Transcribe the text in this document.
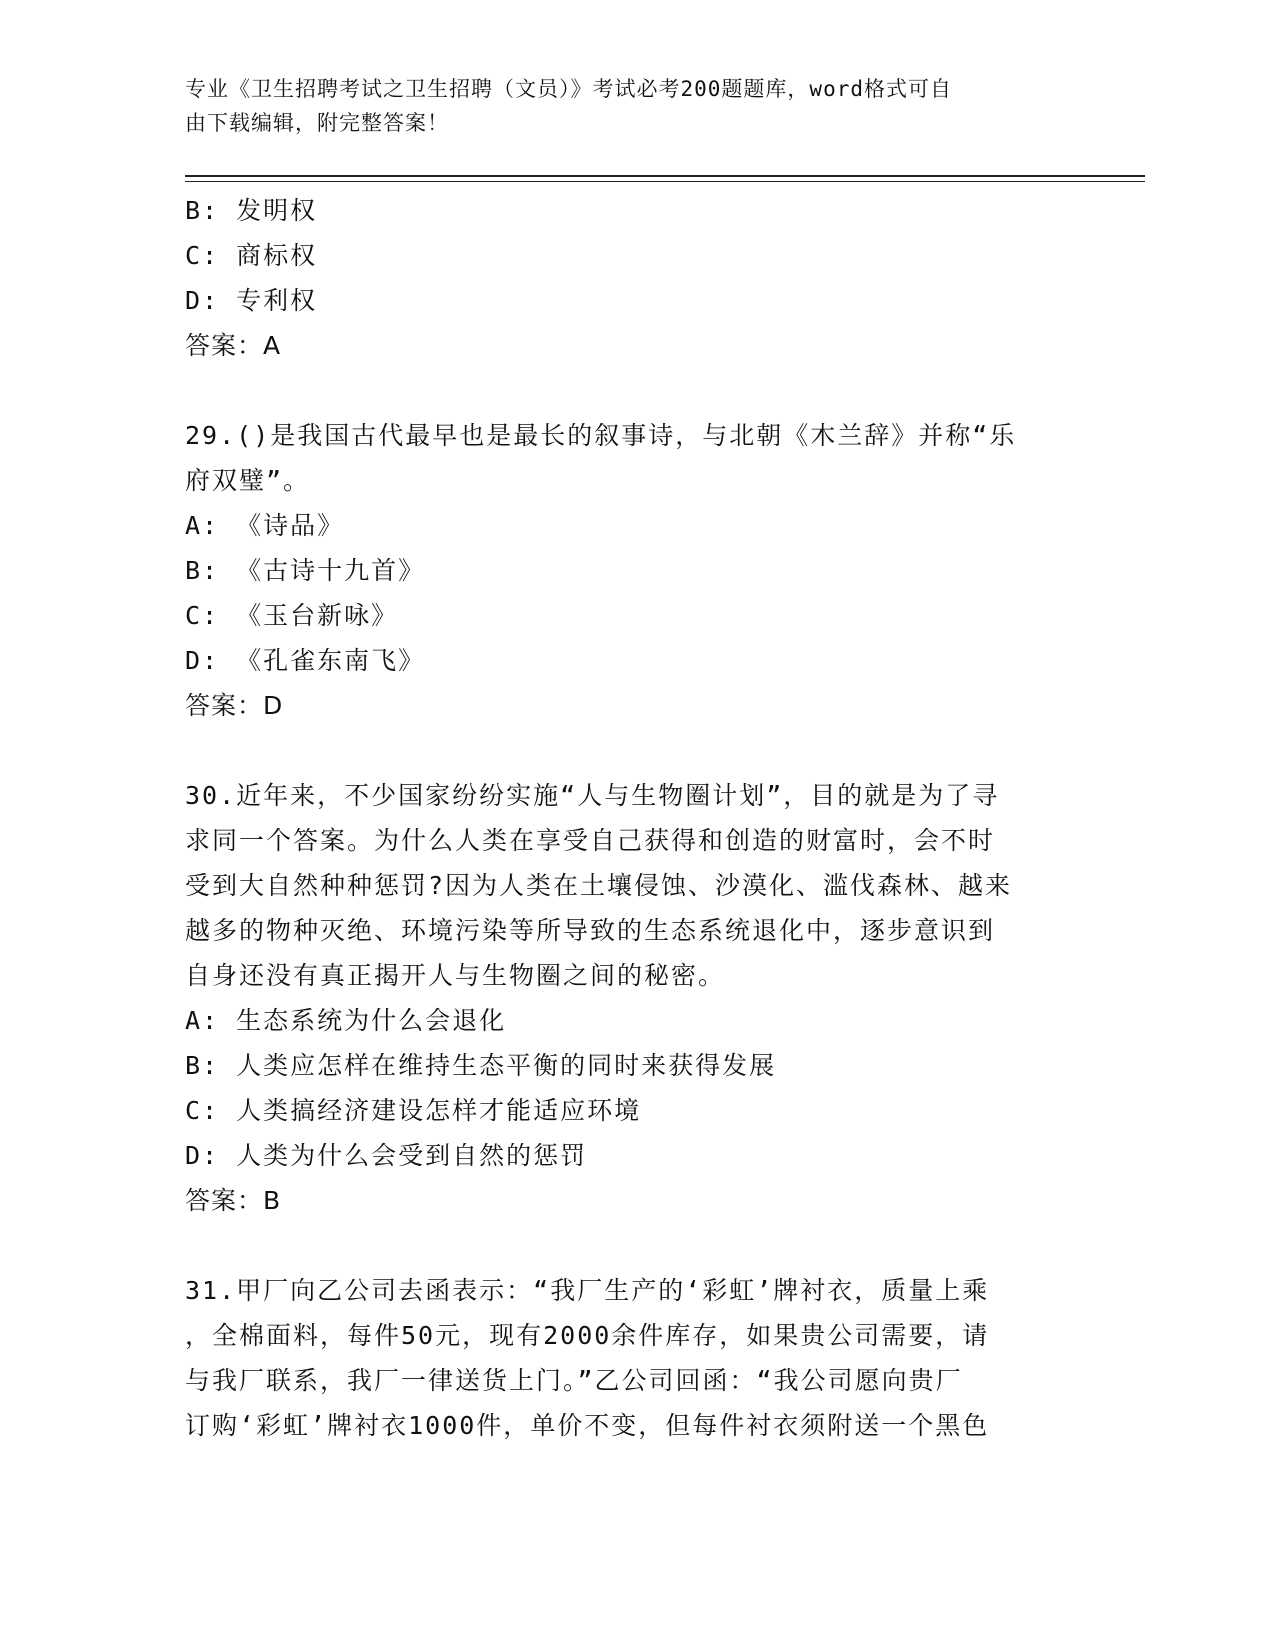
专业《卫生招聘考试之卫生招聘（文员）》考试必考200题题库，word格式可自
由下载编辑，附完整答案！
B: 发明权
C: 商标权
D: 专利权
答案：A
29.()是我国古代最早也是最长的叙事诗，与北朝《木兰辞》并称“乐
府双璧”。
A: 《诗品》
B: 《古诗十九首》
C: 《玉台新咏》
D: 《孔雀东南飞》
答案：D
30.近年来，不少国家纷纷实施“人与生物圈计划”，目的就是为了寻
求同一个答案。为什么人类在享受自己获得和创造的财富时，会不时
受到大自然种种惩罚?因为人类在土壤侵蚀、沙漠化、滥伐森林、越来
越多的物种灭绝、环境污染等所导致的生态系统退化中，逐步意识到
自身还没有真正揭开人与生物圈之间的秘密。
A: 生态系统为什么会退化
B: 人类应怎样在维持生态平衡的同时来获得发展
C: 人类搞经济建设怎样才能适应环境
D: 人类为什么会受到自然的惩罚
答案：B
31.甲厂向乙公司去函表示：“我厂生产的‘彩虹’牌衬衣，质量上乘
，全棉面料，每件50元，现有2000余件库存，如果贵公司需要，请
与我厂联系，我厂一律送货上门。”乙公司回函：“我公司愿向贵厂
订购‘彩虹’牌衬衣1000件，单价不变，但每件衬衣须附送一个黑色
